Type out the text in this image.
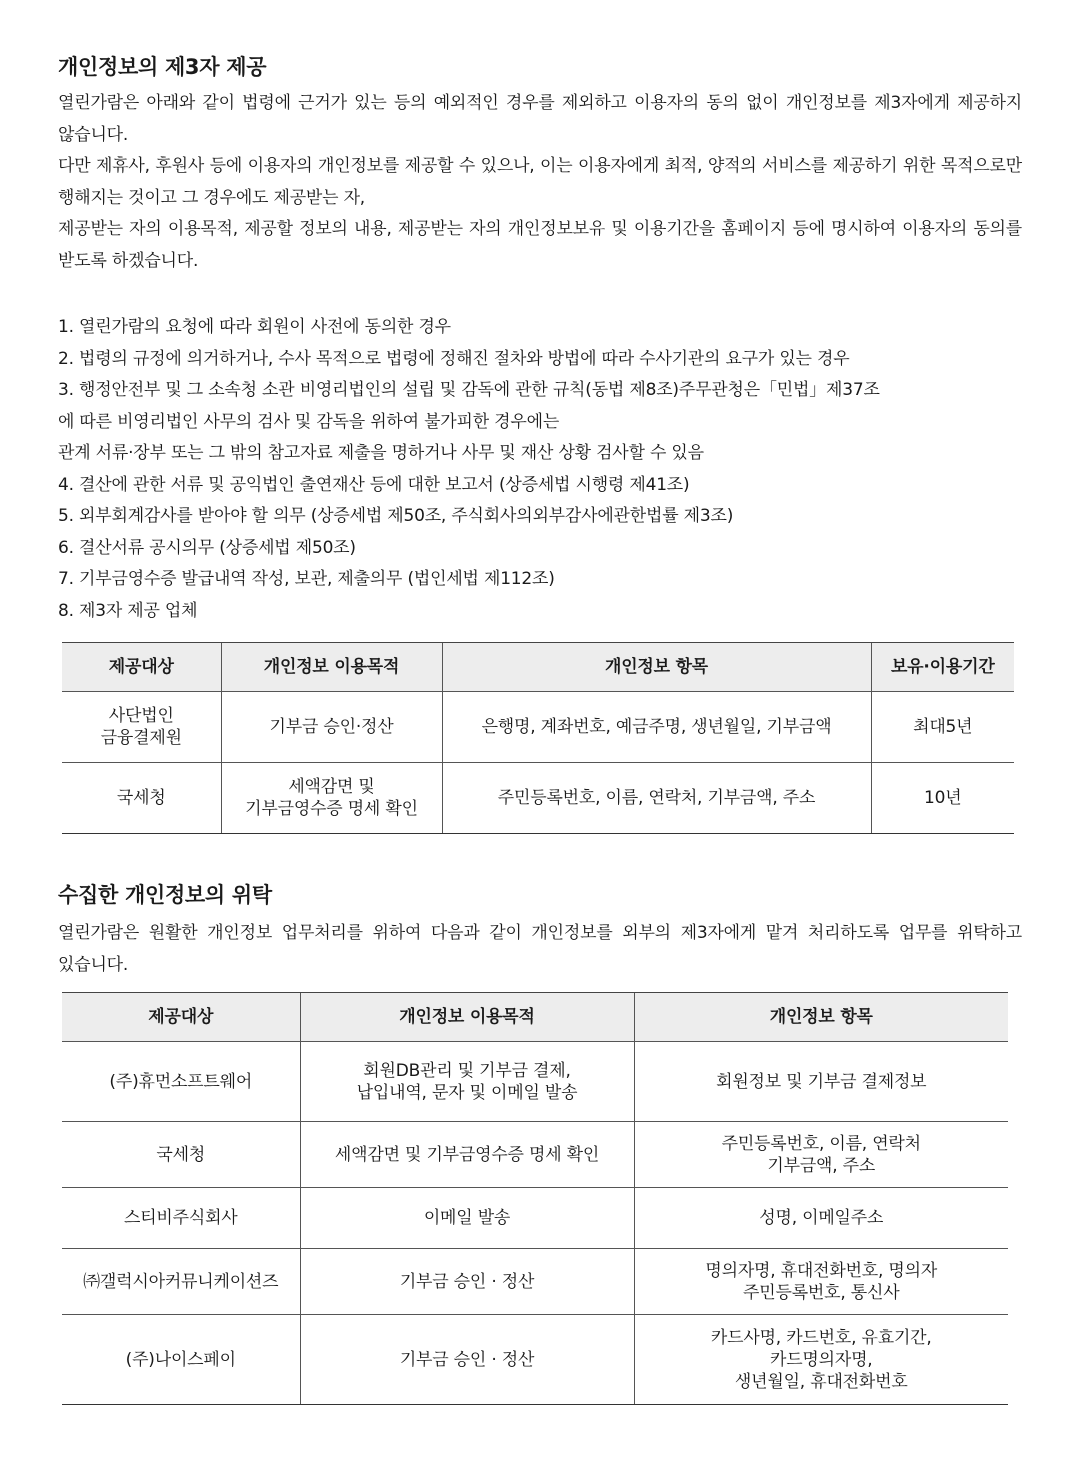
개인정보의 제3자 제공

열린가람은 아래와 같이 법령에 근거가 있는 등의 예외적인 경우를 제외하고 이용자의 동의 없이 개인정보를 제3자에게 제공하지 않습니다.

다만 제휴사, 후원사 등에 이용자의 개인정보를 제공할 수 있으나, 이는 이용자에게 최적, 양적의 서비스를 제공하기 위한 목적으로만 행해지는 것이고 그 경우에도 제공받는 자,

제공받는 자의 이용목적, 제공할 정보의 내용, 제공받는 자의 개인정보보유 및 이용기간을 홈페이지 등에 명시하여 이용자의 동의를 받도록 하겠습니다.

1. 열린가람의 요청에 따라 회원이 사전에 동의한 경우

2. 법령의 규정에 의거하거나, 수사 목적으로 법령에 정해진 절차와 방법에 따라 수사기관의 요구가 있는 경우

3. 행정안전부 및 그 소속청 소관 비영리법인의 설립 및 감독에 관한 규칙(동법 제8조)주무관청은「민법」제37조

에 따른 비영리법인 사무의 검사 및 감독을 위하여 불가피한 경우에는

관계 서류·장부 또는 그 밖의 참고자료 제출을 명하거나 사무 및 재산 상황 검사할 수 있음

4. 결산에 관한 서류 및 공익법인 출연재산 등에 대한 보고서 (상증세법 시행령 제41조)

5. 외부회계감사를 받아야 할 의무 (상증세법 제50조, 주식회사의외부감사에관한법률 제3조)

6. 결산서류 공시의무 (상증세법 제50조)

7. 기부금영수증 발급내역 작성, 보관, 제출의무 (법인세법 제112조)

8. 제3자 제공 업체

제공대상	개인정보 이용목적	개인정보 항목	보유·이용기간

사단법인
금융결제원	기부금 승인·정산	은행명, 계좌번호, 예금주명, 생년월일, 기부금액	최대5년

국세청	세액감면 및
기부금영수증 명세 확인	주민등록번호, 이름, 연락처, 기부금액, 주소	10년
수집한 개인정보의 위탁

열린가람은 원활한 개인정보 업무처리를 위하여 다음과 같이 개인정보를 외부의 제3자에게 맡겨 처리하도록 업무를 위탁하고 있습니다.

제공대상	개인정보 이용목적	개인정보 항목

(주)휴먼소프트웨어	회원DB관리 및 기부금 결제,
납입내역, 문자 및 이메일 발송	회원정보 및 기부금 결제정보

국세청	세액감면 및 기부금영수증 명세 확인	주민등록번호, 이름, 연락처
기부금액, 주소

스티비주식회사	이메일 발송	성명, 이메일주소

㈜갤럭시아커뮤니케이션즈	기부금 승인 · 정산	명의자명, 휴대전화번호, 명의자
주민등록번호, 통신사

(주)나이스페이	기부금 승인 · 정산	카드사명, 카드번호, 유효기간,
카드명의자명,
생년월일, 휴대전화번호
